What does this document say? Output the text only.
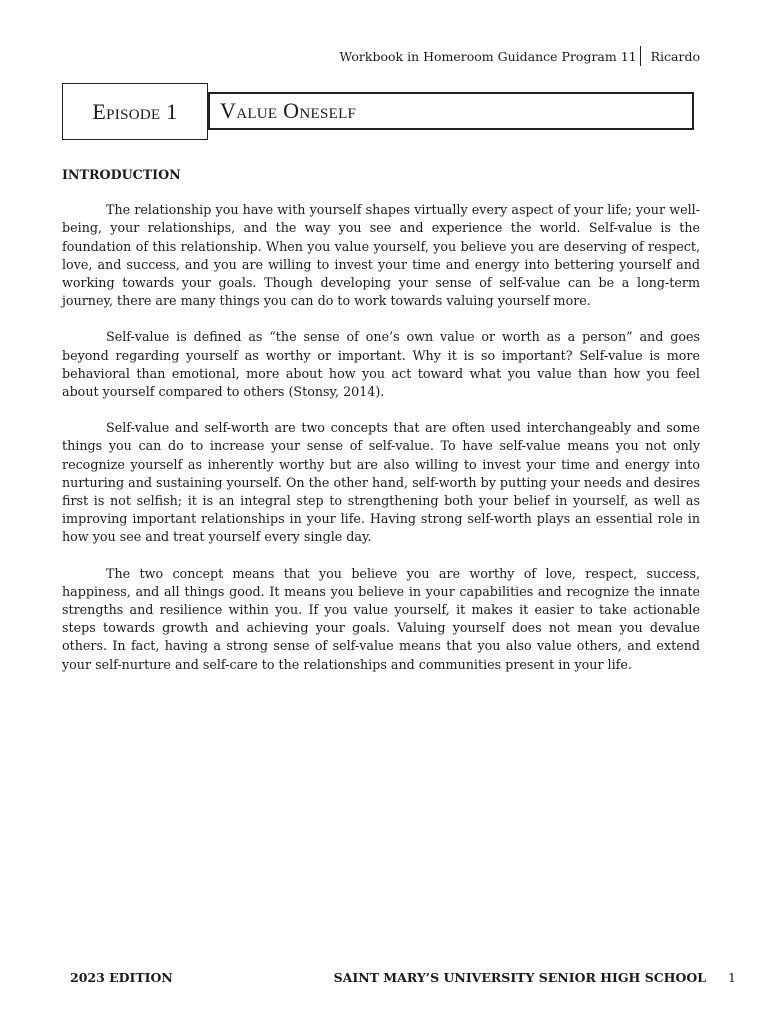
Workbook in Homeroom Guidance Program 11 Ricardo
Episode 1	Value Oneself
INTRODUCTION

The relationship you have with yourself shapes virtually every aspect of your life; your well-being, your relationships, and the way you see and experience the world. Self-value is the foundation of this relationship. When you value yourself, you believe you are deserving of respect, love, and success, and you are willing to invest your time and energy into bettering yourself and working towards your goals. Though developing your sense of self-value can be a long-term journey, there are many things you can do to work towards valuing yourself more.

Self-value is defined as “the sense of one’s own value or worth as a person” and goes beyond regarding yourself as worthy or important. Why it is so important? Self-value is more behavioral than emotional, more about how you act toward what you value than how you feel about yourself compared to others (Stonsy, 2014).

Self-value and self-worth are two concepts that are often used interchangeably and some things you can do to increase your sense of self-value. To have self-value means you not only recognize yourself as inherently worthy but are also willing to invest your time and energy into nurturing and sustaining yourself. On the other hand, self-worth by putting your needs and desires first is not selfish; it is an integral step to strengthening both your belief in yourself, as well as improving important relationships in your life. Having strong self-worth plays an essential role in how you see and treat yourself every single day.

The two concept means that you believe you are worthy of love, respect, success, happiness, and all things good. It means you believe in your capabilities and recognize the innate strengths and resilience within you. If you value yourself, it makes it easier to take actionable steps towards growth and achieving your goals. Valuing yourself does not mean you devalue others. In fact, having a strong sense of self-value means that you also value others, and extend your self-nurture and self-care to the relationships and communities present in your life.

2023 EDITION	SAINT MARY’S UNIVERSITY SENIOR HIGH SCHOOL 1
